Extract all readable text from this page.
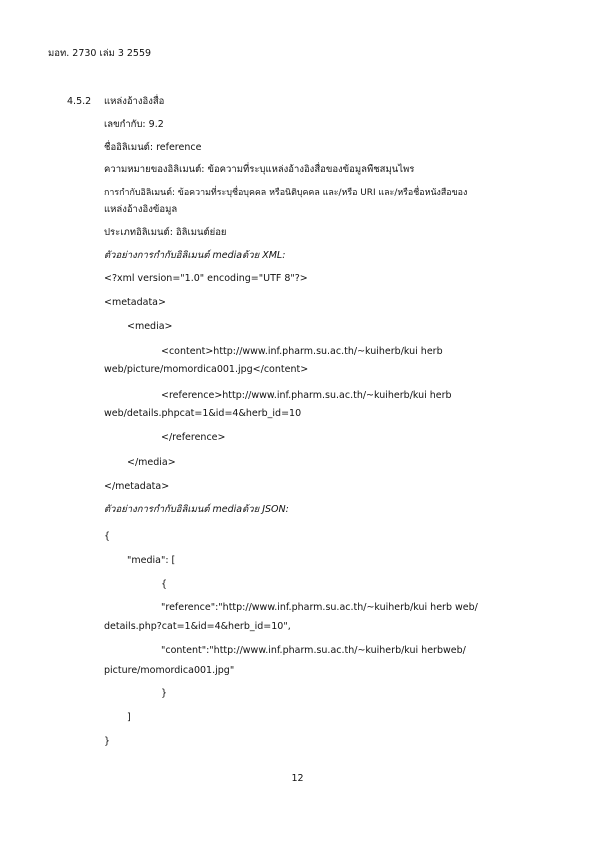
มอท. 2730 เล่ม 3 2559
4.5.2 แหล่งอ้างอิงสื่อ
เลขกำกับ: 9.2
ชื่ออิลิเมนต์: reference
ความหมายของอิลิเมนต์: ข้อความที่ระบุแหล่งอ้างอิงสื่อของข้อมูลพืชสมุนไพร
การกำกับอิลิเมนต์: ข้อความที่ระบุชื่อบุคคล หรือนิติบุคคล และ/หรือ URI และ/หรือชื่อหนังสือของ
แหล่งอ้างอิงข้อมูล
ประเภทอิลิเมนต์: อิลิเมนต์ย่อย
ตัวอย่างการกำกับอิลิเมนต์ mediaด้วย XML:
<?xml version="1.0" encoding="UTF 8"?>
<metadata>
<media>
<content>http://www.inf.pharm.su.ac.th/~kuiherb/kui herb
web/picture/momordica001.jpg</content>
<reference>http://www.inf.pharm.su.ac.th/~kuiherb/kui herb
web/details.phpcat=1&id=4&herb_id=10
</reference>
</media>
</metadata>
ตัวอย่างการกำกับอิลิเมนต์ mediaด้วย JSON:
{
"media": [
{
"reference":"http://www.inf.pharm.su.ac.th/~kuiherb/kui herb web/
details.php?cat=1&id=4&herb_id=10",
"content":"http://www.inf.pharm.su.ac.th/~kuiherb/kui herbweb/
picture/momordica001.jpg"
}
]
}
12
